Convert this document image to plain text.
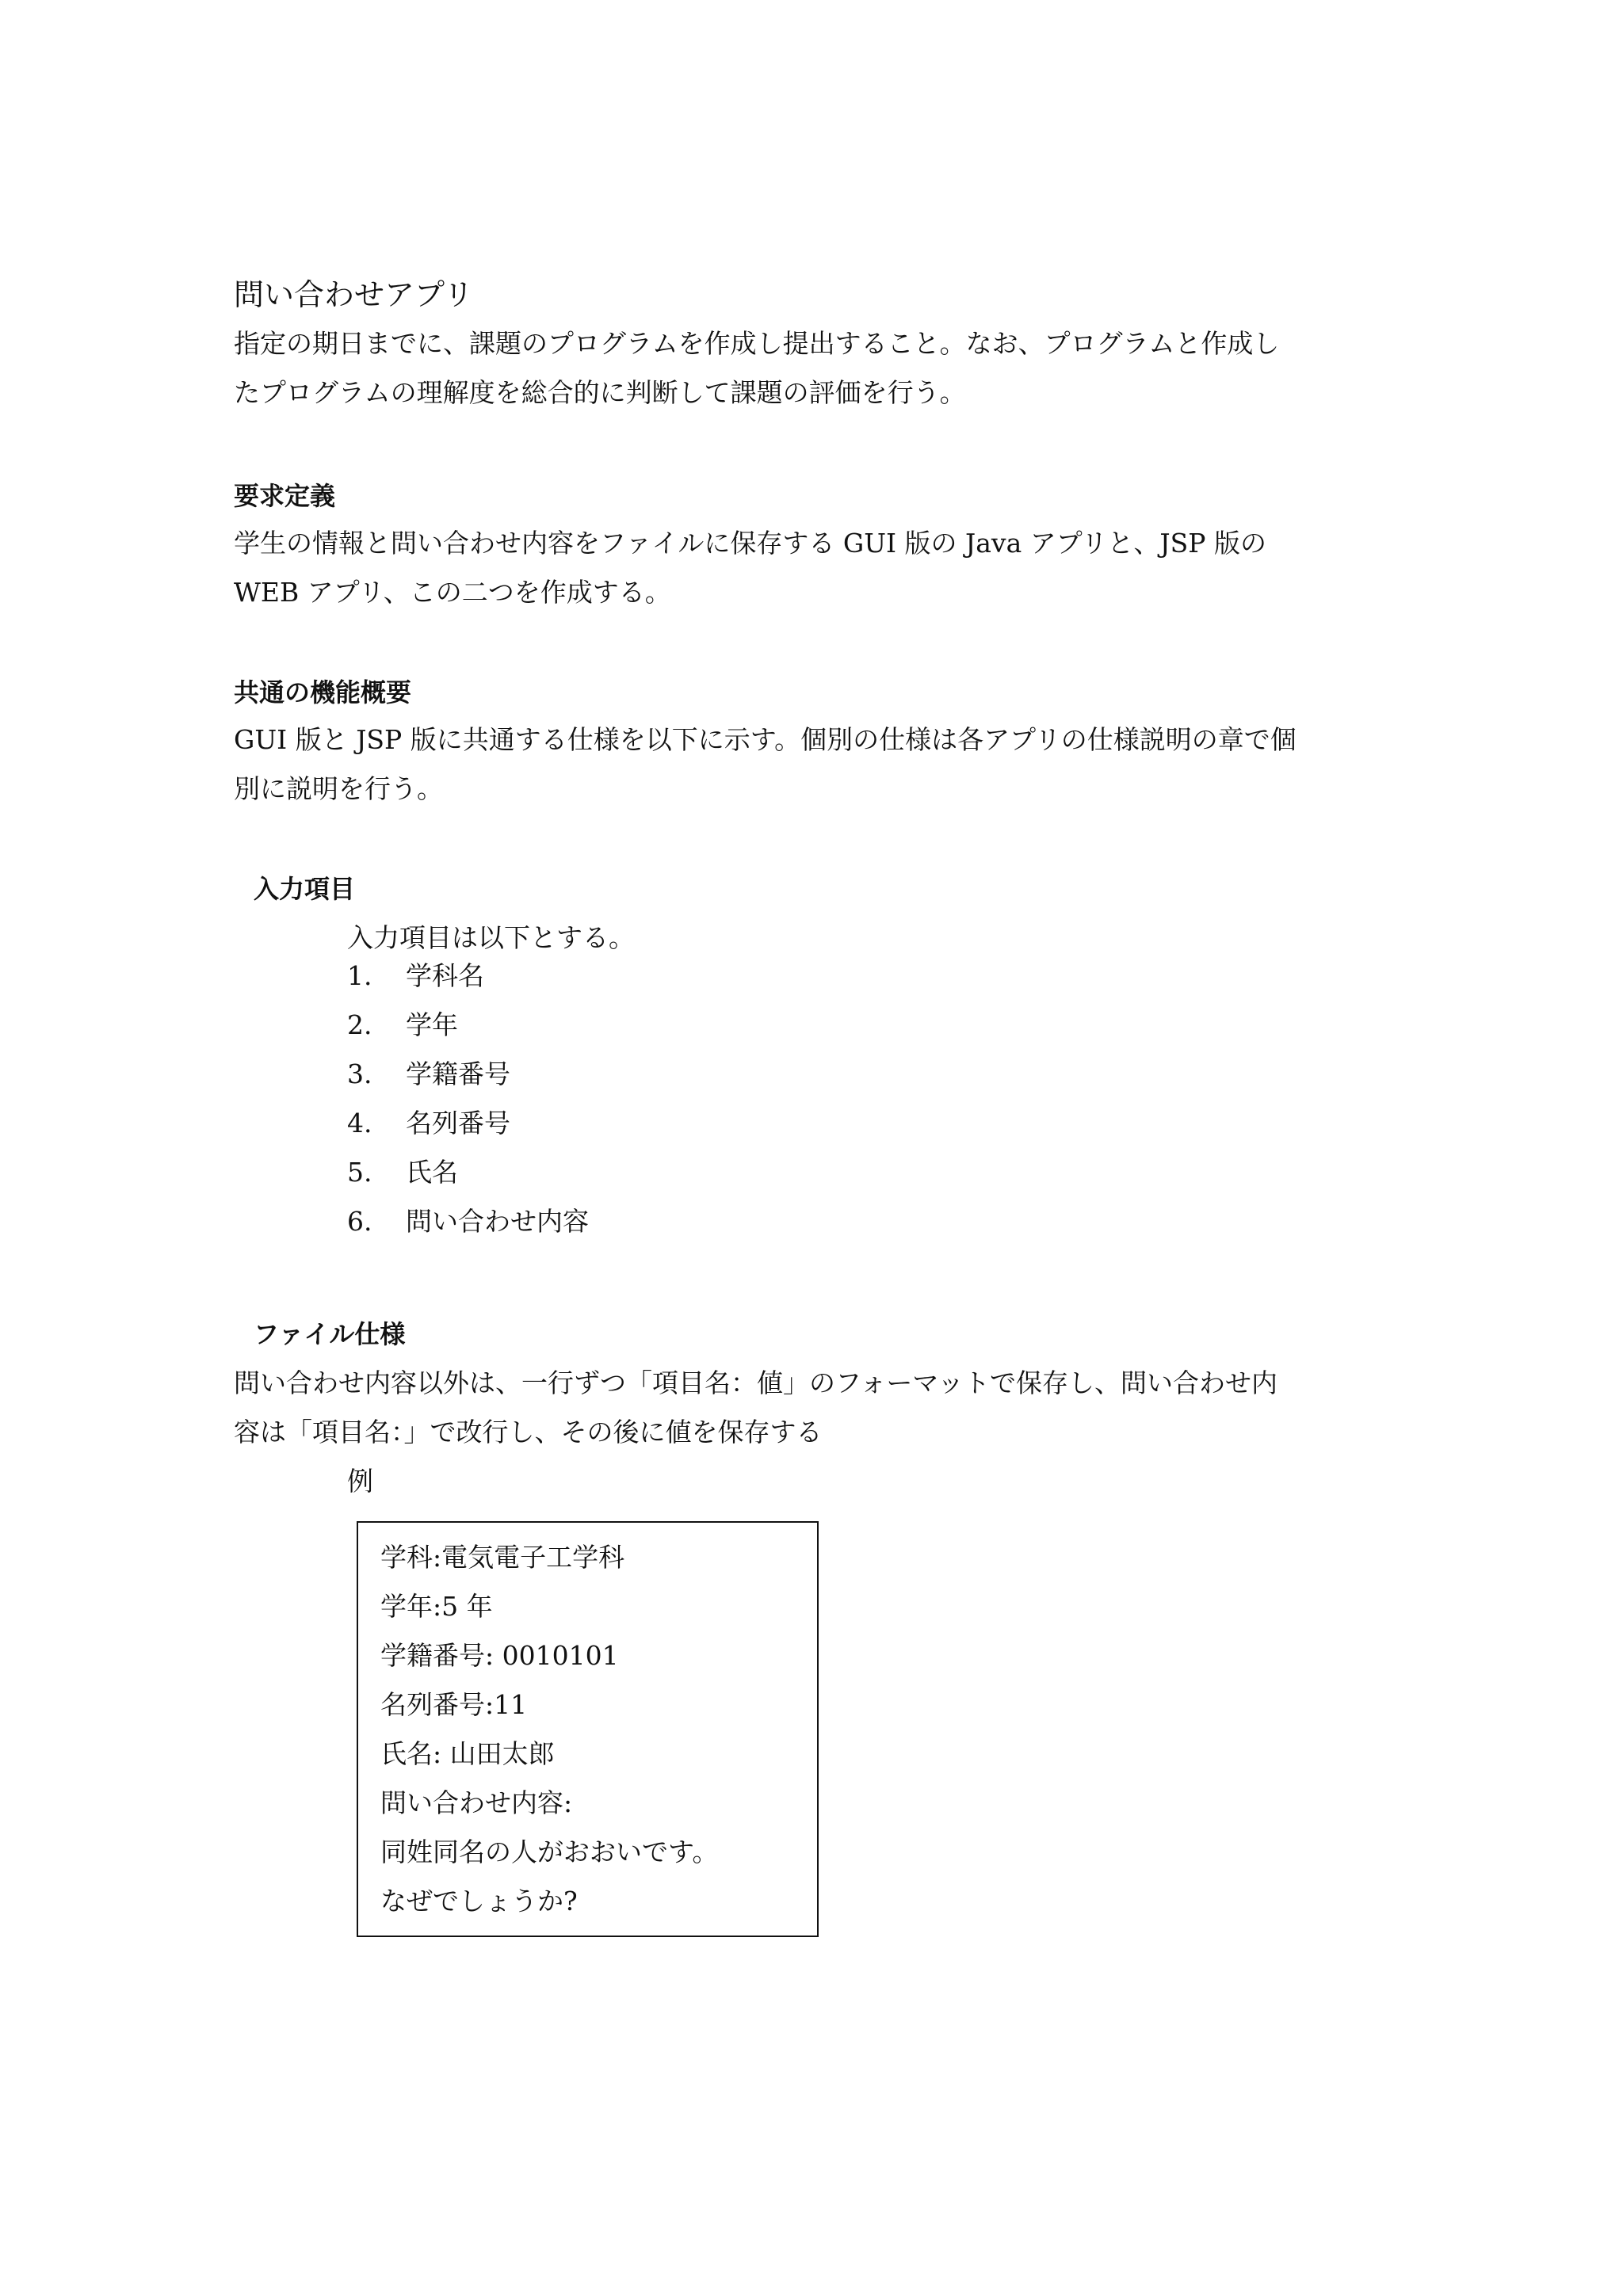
問い合わせアプリ
指定の期日までに、課題のプログラムを作成し提出すること。なお、プログラムと作成し
たプログラムの理解度を総合的に判断して課題の評価を行う。
要求定義
学生の情報と問い合わせ内容をファイルに保存する GUI 版の Java アプリと、JSP 版の
WEB アプリ、この二つを作成する。
共通の機能概要
GUI 版と JSP 版に共通する仕様を以下に示す。個別の仕様は各アプリの仕様説明の章で個
別に説明を行う。
入力項目
入力項目は以下とする。
1. 学科名
2. 学年
3. 学籍番号
4. 名列番号
5. 氏名
6. 問い合わせ内容
ファイル仕様
問い合わせ内容以外は、一行ずつ「項目名：値」のフォーマットで保存し、問い合わせ内
容は「項目名：」で改行し、その後に値を保存する
例
学科:電気電子工学科
学年:5 年
学籍番号: 0010101
名列番号:11
氏名: 山田太郎
問い合わせ内容:
同姓同名の人がおおいです。
なぜでしょうか?
